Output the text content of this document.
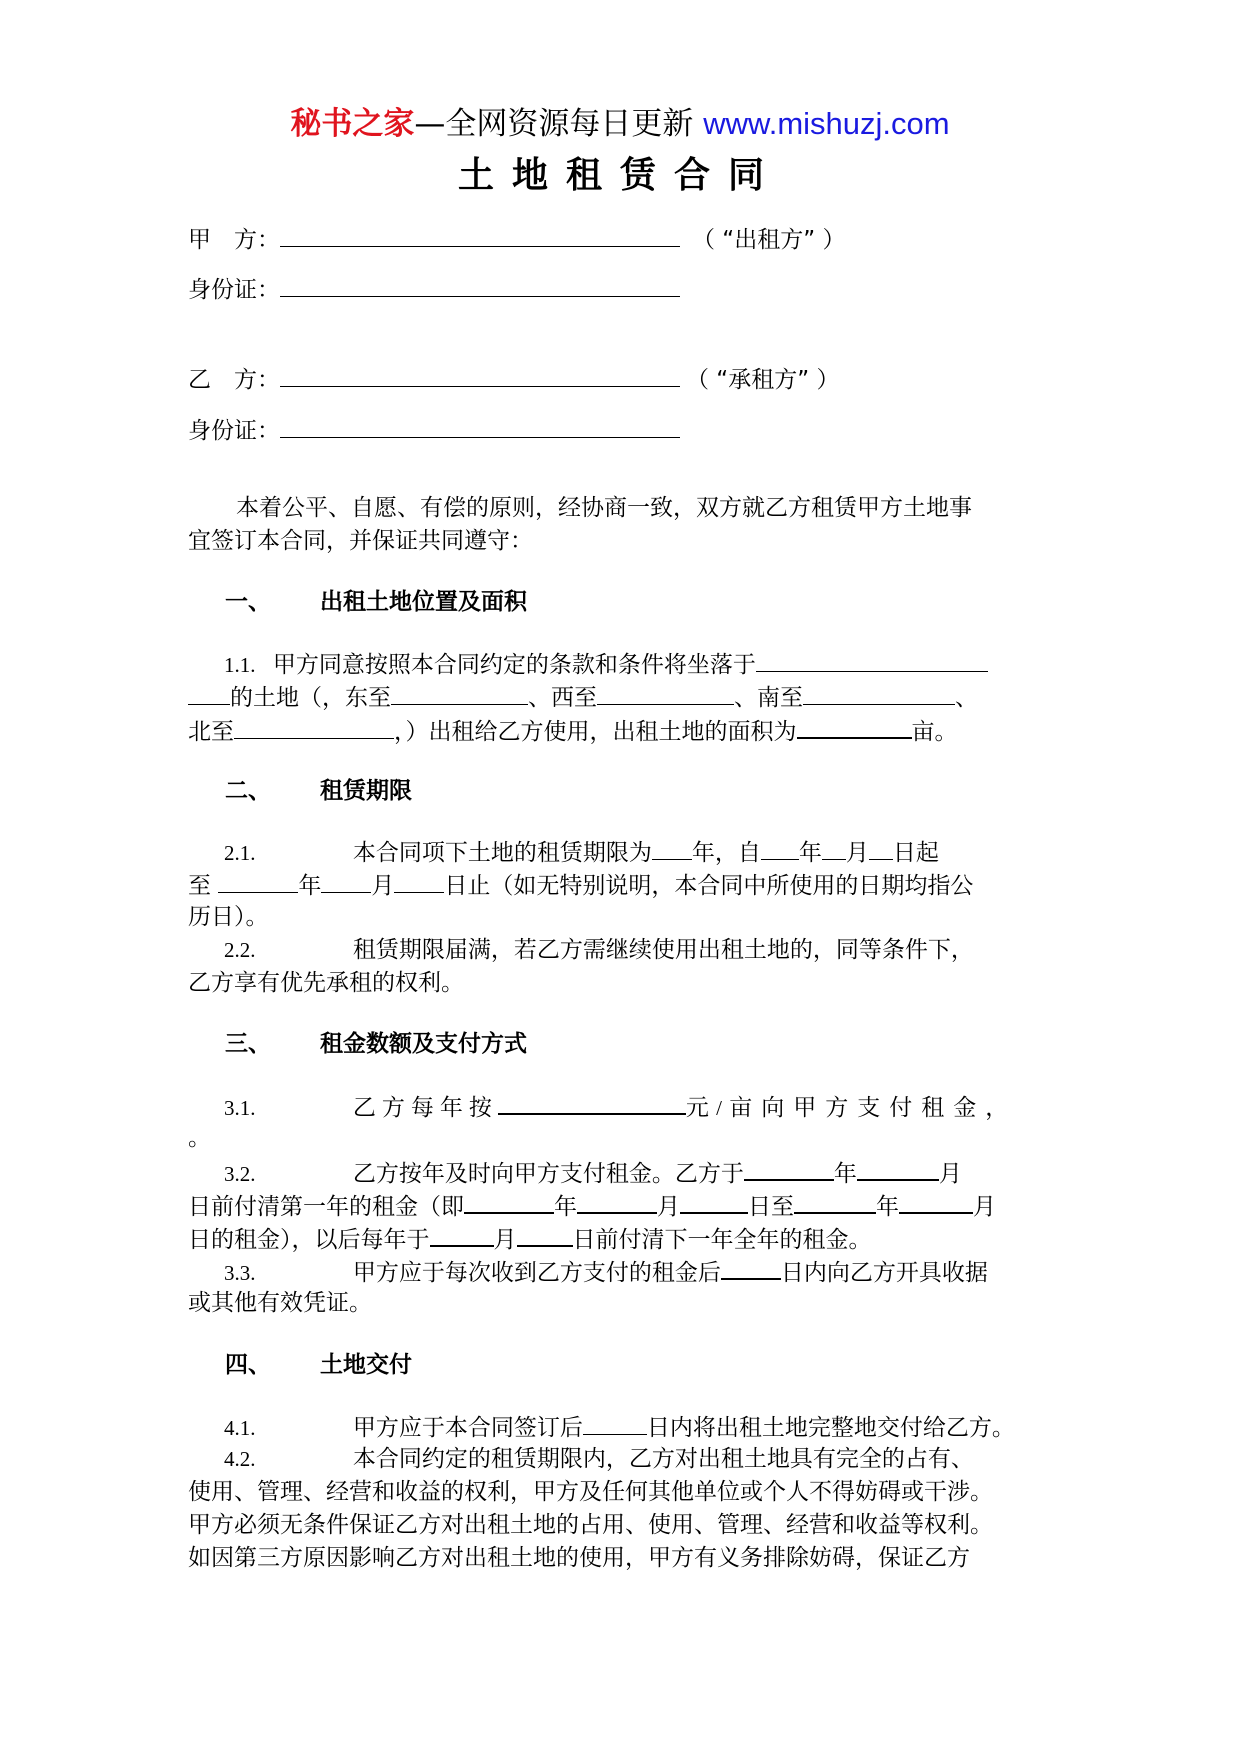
秘书之家—全网资源每日更新 www.mishuzj.com
土地租赁合同
甲　方：	（ “出租方” ）
身份证：
乙　方：	（ “承租方” ）
身份证：
本着公平、自愿、有偿的原则，经协商一致，双方就乙方租赁甲方土地事
宜签订本合同，并保证共同遵守：
一、 出租土地位置及面积
1.1. 甲方同意按照本合同约定的条款和条件将坐落于
的土地（，东至	、西至	、南至	、
北至	，）出租给乙方使用，出租土地的面积为	亩。
二、 租赁期限
2.1.	本合同项下土地的租赁期限为 年，自 年 月 日起
至	年 月 日止（如无特别说明，本合同中所使用的日期均指公
历日）。
2.2.	租赁期限届满，若乙方需继续使用出租土地的，同等条件下，
乙方享有优先承租的权利。
三、 租金数额及支付方式
3.1.	乙方每年按	元 / 亩向甲方支付租金，
。
3.2.	乙方按年及时向甲方支付租金。乙方于	年	月
日前付清第一年的租金（即	年	月	日至	年	月
日的租金），以后每年于	月 日前付清下一年全年的租金。
3.3.	甲方应于每次收到乙方支付的租金后	日内向乙方开具收据
或其他有效凭证。
四、 土地交付
4.1.	甲方应于本合同签订后	日内将出租土地完整地交付给乙方。
4.2.	本合同约定的租赁期限内，乙方对出租土地具有完全的占有、
使用、管理、经营和收益的权利，甲方及任何其他单位或个人不得妨碍或干涉。
甲方必须无条件保证乙方对出租土地的占用、使用、管理、经营和收益等权利。
如因第三方原因影响乙方对出租土地的使用，甲方有义务排除妨碍，保证乙方
